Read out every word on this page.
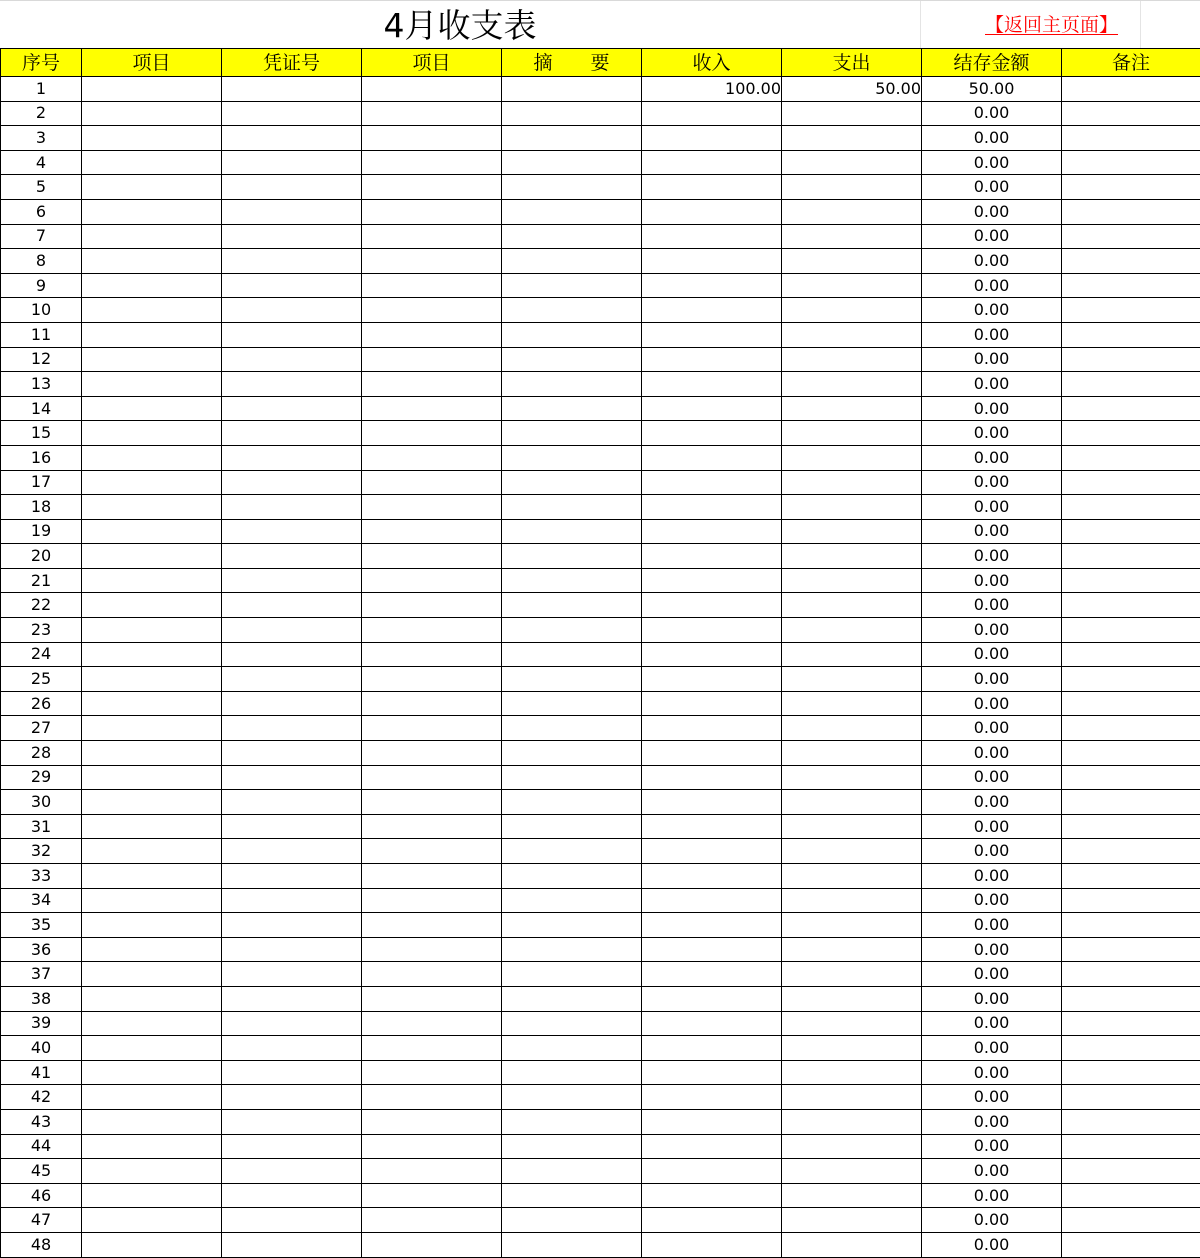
4月收支表	【返回主页面】
序号	项目	凭证号	项目	摘　　要	收入	支出	结存金额	备注
1					100.00	50.00	50.00	
2							0.00	
3							0.00	
4							0.00	
5							0.00	
6							0.00	
7							0.00	
8							0.00	
9							0.00	
10							0.00	
11							0.00	
12							0.00	
13							0.00	
14							0.00	
15							0.00	
16							0.00	
17							0.00	
18							0.00	
19							0.00	
20							0.00	
21							0.00	
22							0.00	
23							0.00	
24							0.00	
25							0.00	
26							0.00	
27							0.00	
28							0.00	
29							0.00	
30							0.00	
31							0.00	
32							0.00	
33							0.00	
34							0.00	
35							0.00	
36							0.00	
37							0.00	
38							0.00	
39							0.00	
40							0.00	
41							0.00	
42							0.00	
43							0.00	
44							0.00	
45							0.00	
46							0.00	
47							0.00	
48							0.00	
